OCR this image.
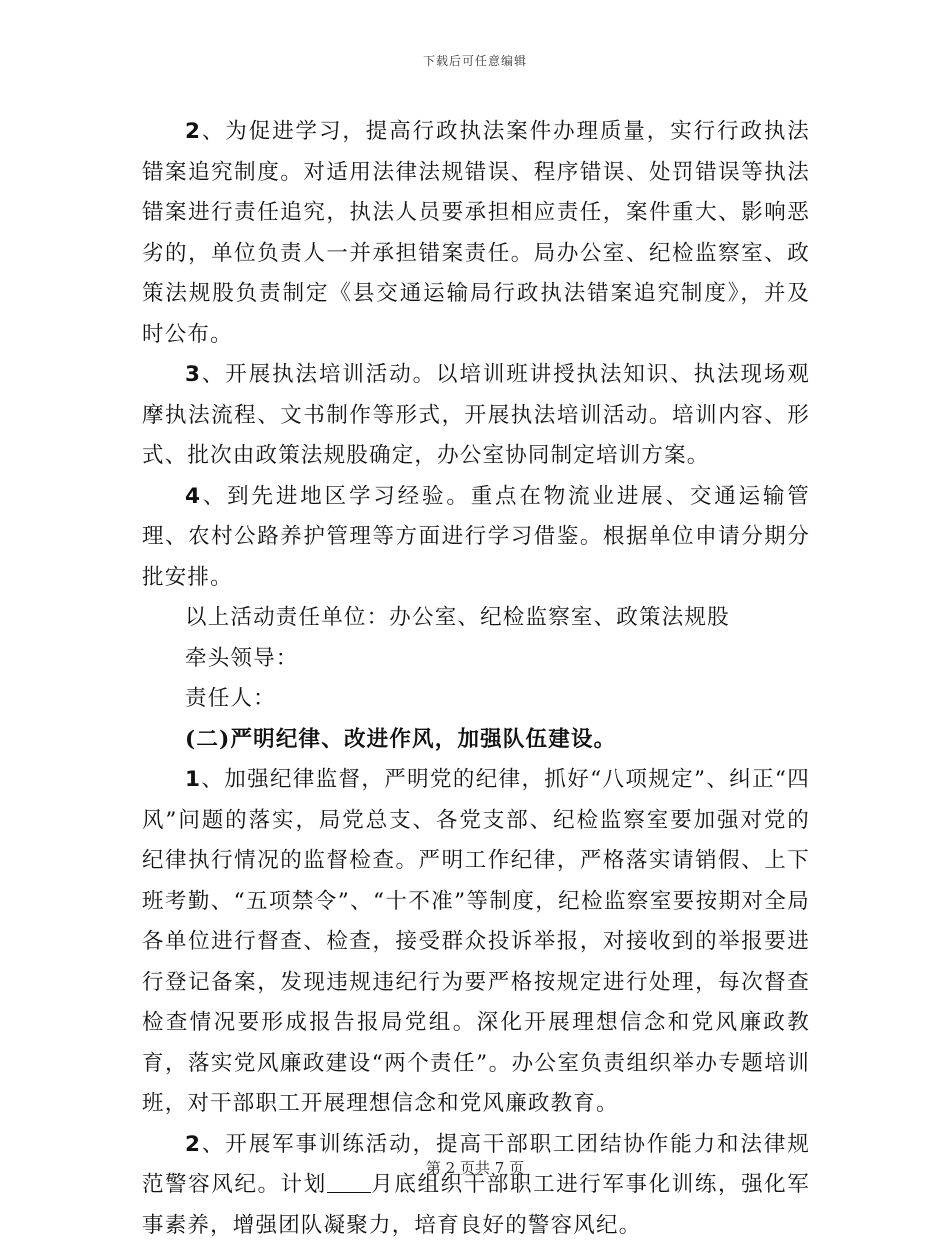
下载后可任意编辑

2、为促进学习，提高行政执法案件办理质量，实行行政执法错案追究制度。对适用法律法规错误、程序错误、处罚错误等执法错案进行责任追究，执法人员要承担相应责任，案件重大、影响恶劣的，单位负责人一并承担错案责任。局办公室、纪检监察室、政策法规股负责制定《县交通运输局行政执法错案追究制度》，并及时公布。

3、开展执法培训活动。以培训班讲授执法知识、执法现场观摩执法流程、文书制作等形式，开展执法培训活动。培训内容、形式、批次由政策法规股确定，办公室协同制定培训方案。

4、到先进地区学习经验。重点在物流业进展、交通运输管理、农村公路养护管理等方面进行学习借鉴。根据单位申请分期分批安排。

以上活动责任单位：办公室、纪检监察室、政策法规股

牵头领导：

责任人：

(二)严明纪律、改进作风，加强队伍建设。

1、加强纪律监督，严明党的纪律，抓好“八项规定”、纠正“四风”问题的落实，局党总支、各党支部、纪检监察室要加强对党的纪律执行情况的监督检查。严明工作纪律，严格落实请销假、上下班考勤、“五项禁令”、“十不准”等制度，纪检监察室要按期对全局各单位进行督查、检查，接受群众投诉举报，对接收到的举报要进行登记备案，发现违规违纪行为要严格按规定进行处理，每次督查检查情况要形成报告报局党组。深化开展理想信念和党风廉政教育，落实党风廉政建设“两个责任”。办公室负责组织举办专题培训班，对干部职工开展理想信念和党风廉政教育。

2、开展军事训练活动，提高干部职工团结协作能力和法律规范警容风纪。计划 月底组织干部职工进行军事化训练，强化军事素养，增强团队凝聚力，培育良好的警容风纪。

第 2 页共 7 页
